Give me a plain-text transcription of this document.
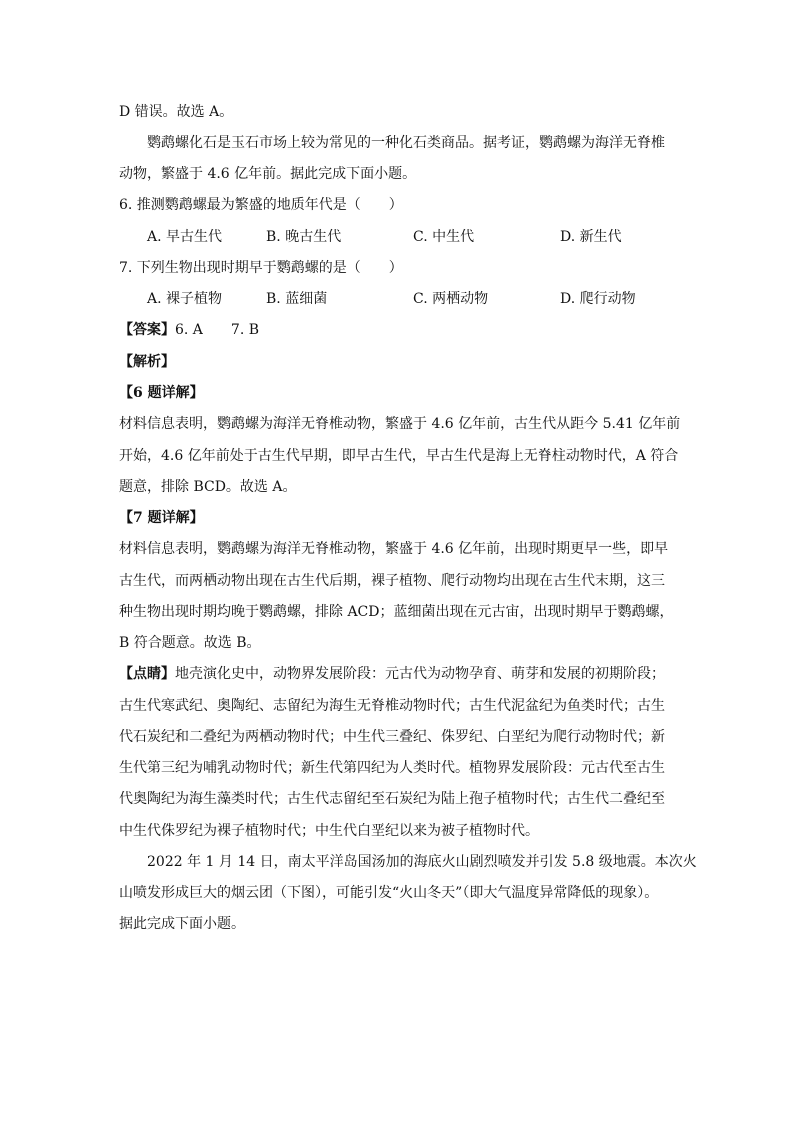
D 错误。故选 A。
鹦鹉螺化石是玉石市场上较为常见的一种化石类商品。据考证，鹦鹉螺为海洋无脊椎
动物，繁盛于 4.6 亿年前。据此完成下面小题。
6. 推测鹦鹉螺最为繁盛的地质年代是（　　）
A. 早古生代	B. 晚古生代	C. 中生代	D. 新生代
7. 下列生物出现时期早于鹦鹉螺的是（　　）
A. 裸子植物	B. 蓝细菌	C. 两栖动物	D. 爬行动物
【答案】6. A　　7. B
【解析】
【6 题详解】
材料信息表明，鹦鹉螺为海洋无脊椎动物，繁盛于 4.6 亿年前，古生代从距今 5.41 亿年前
开始，4.6 亿年前处于古生代早期，即早古生代，早古生代是海上无脊柱动物时代，A 符合
题意，排除 BCD。故选 A。
【7 题详解】
材料信息表明，鹦鹉螺为海洋无脊椎动物，繁盛于 4.6 亿年前，出现时期更早一些，即早
古生代，而两栖动物出现在古生代后期，裸子植物、爬行动物均出现在古生代末期，这三
种生物出现时期均晚于鹦鹉螺，排除 ACD；蓝细菌出现在元古宙，出现时期早于鹦鹉螺，
B 符合题意。故选 B。
【点睛】地壳演化史中，动物界发展阶段：元古代为动物孕育、萌芽和发展的初期阶段；
古生代寒武纪、奥陶纪、志留纪为海生无脊椎动物时代；古生代泥盆纪为鱼类时代；古生
代石炭纪和二叠纪为两栖动物时代；中生代三叠纪、侏罗纪、白垩纪为爬行动物时代；新
生代第三纪为哺乳动物时代；新生代第四纪为人类时代。植物界发展阶段：元古代至古生
代奥陶纪为海生藻类时代；古生代志留纪至石炭纪为陆上孢子植物时代；古生代二叠纪至
中生代侏罗纪为裸子植物时代；中生代白垩纪以来为被子植物时代。
2022 年 1 月 14 日，南太平洋岛国汤加的海底火山剧烈喷发并引发 5.8 级地震。本次火
山喷发形成巨大的烟云团（下图），可能引发“火山冬天”（即大气温度异常降低的现象）。
据此完成下面小题。
